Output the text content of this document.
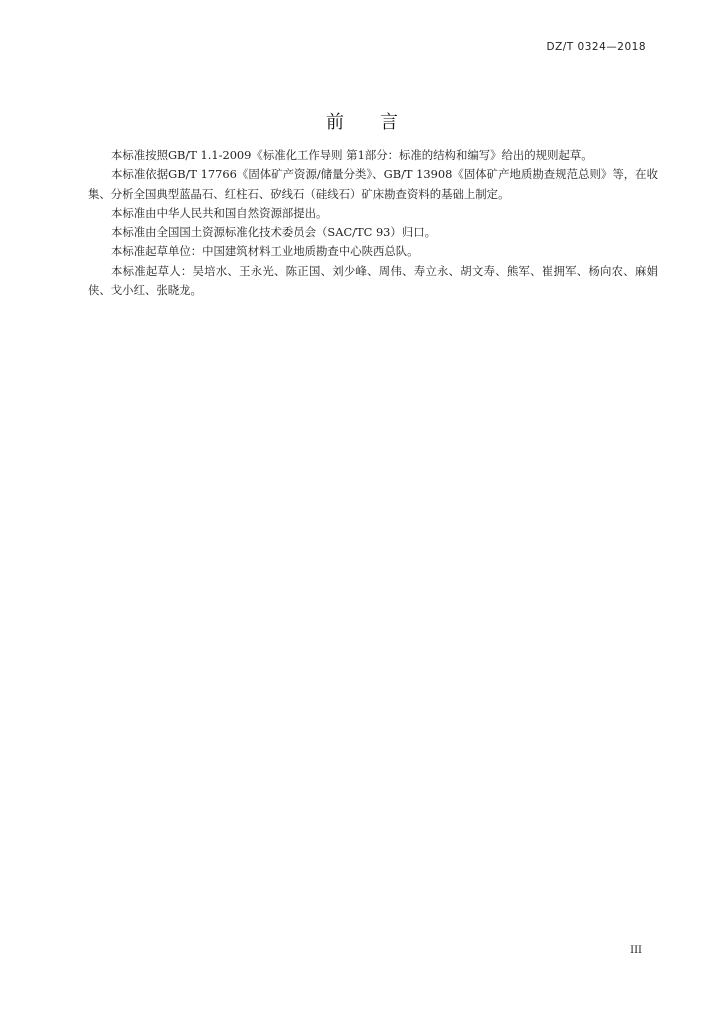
DZ/T 0324—2018
前 言

本标准按照GB/T 1.1-2009《标准化工作导则 第1部分：标准的结构和编写》给出的规则起草。

本标准依据GB/T 17766《固体矿产资源/储量分类》、GB/T 13908《固体矿产地质勘查规范总则》等，在收集、分析全国典型蓝晶石、红柱石、矽线石（硅线石）矿床勘查资料的基础上制定。

本标准由中华人民共和国自然资源部提出。

本标准由全国国土资源标准化技术委员会（SAC/TC 93）归口。

本标准起草单位：中国建筑材料工业地质勘查中心陕西总队。

本标准起草人：吴培水、王永光、陈正国、刘少峰、周伟、寿立永、胡文寿、熊军、崔拥军、杨向农、麻娟侠、戈小红、张晓龙。

III
